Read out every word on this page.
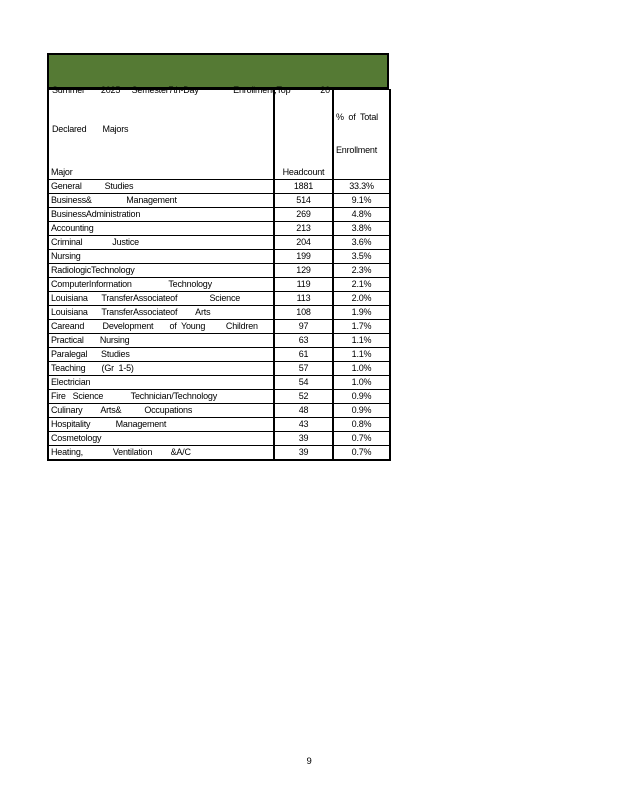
Summer       2025     Semester7th-Day               Enrollment,Top             20

Declared       Majors

Major	Headcount	%  of  Total

Enrollment

General          Studies	1881	33.3%
Business&               Management	514	9.1%
BusinessAdministration	269	4.8%
Accounting	213	3.8%
Criminal             Justice	204	3.6%
Nursing	199	3.5%
RadiologicTechnology	129	2.3%
ComputerInformation                Technology	119	2.1%
Louisiana      TransferAssociateof              Science	113	2.0%
Louisiana      TransferAssociateof        Arts	108	1.9%
Careand        Development       of  Young         Children	97	1.7%
Practical       Nursing	63	1.1%
Paralegal      Studies	61	1.1%
Teaching       (Gr  1-5)	57	1.0%
Electrician	54	1.0%
Fire   Science            Technician/Technology	52	0.9%
Culinary        Arts&          Occupations	48	0.9%
Hospitality           Management	43	0.8%
Cosmetology	39	0.7%
Heating,             Ventilation        &A/C	39	0.7%
9
